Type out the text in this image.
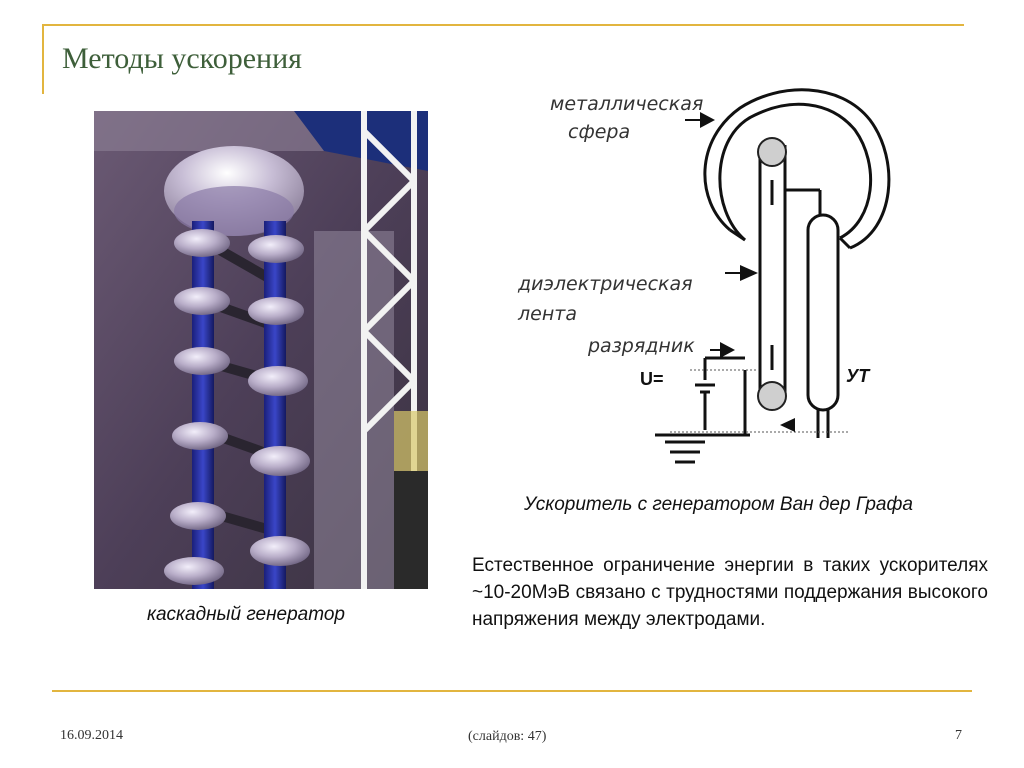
Методы ускорения
каскадный генератор
металлическая
сфера
диэлектрическая
лента
разрядник
U=	УТ
Ускоритель с генератором Ван дер Графа
Естественное ограничение энергии в таких ускорителях ~10-20МэВ связано с трудностями поддержания высокого напряжения между электродами.
16.09.2014	(слайдов: 47)	7
